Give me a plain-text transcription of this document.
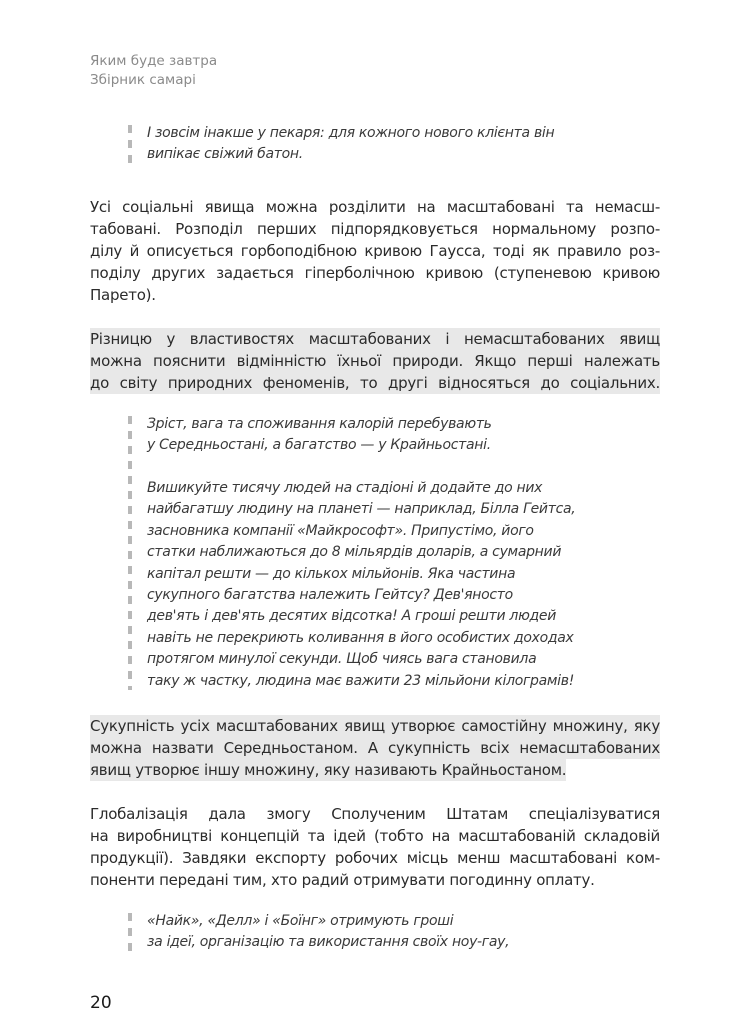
Яким буде завтра
Збірник самарі
І зовсім інакше у пекаря: для кожного нового клієнта він
випікає свіжий батон.
Усі соціальні явища можна розділити на масштабовані та немасш-
табовані. Розподіл перших підпорядковується нормальному розпо-
ділу й описується горбоподібною кривою Гаусса, тоді як правило роз-
поділу других задається гіперболічною кривою (ступеневою кривою
Парето).
Різницю у властивостях масштабованих і немасштабованих явищ
можна пояснити відмінністю їхньої природи. Якщо перші належать
до світу природних феноменів, то другі відносяться до соціальних.
Зріст, вага та споживання калорій перебувають
у Середньостані, а багатство — у Крайньостані.
Вишикуйте тисячу людей на стадіоні й додайте до них
найбагатшу людину на планеті — наприклад, Білла Гейтса,
засновника компанії «Майкрософт». Припустімо, його
статки наближаються до 8 мільярдів доларів, а сумарний
капітал решти — до кількох мільйонів. Яка частина
сукупного багатства належить Гейтсу? Дев'яносто
дев'ять і дев'ять десятих відсотка! А гроші решти людей
навіть не перекриють коливання в його особистих доходах
протягом минулої секунди. Щоб чиясь вага становила
таку ж частку, людина має важити 23 мільйони кілограмів!
Сукупність усіх масштабованих явищ утворює самостійну множину, яку
можна назвати Середньостаном. А сукупність всіх немасштабованих
явищ утворює іншу множину, яку називають Крайньостаном.
Глобалізація дала змогу Сполученим Штатам спеціалізуватися
на виробництві концепцій та ідей (тобто на масштабованій складовій
продукції). Завдяки експорту робочих місць менш масштабовані ком-
поненти передані тим, хто радий отримувати погодинну оплату.
«Найк», «Делл» і «Боїнг» отримують гроші
за ідеї, організацію та використання своїх ноу-гау,
20
